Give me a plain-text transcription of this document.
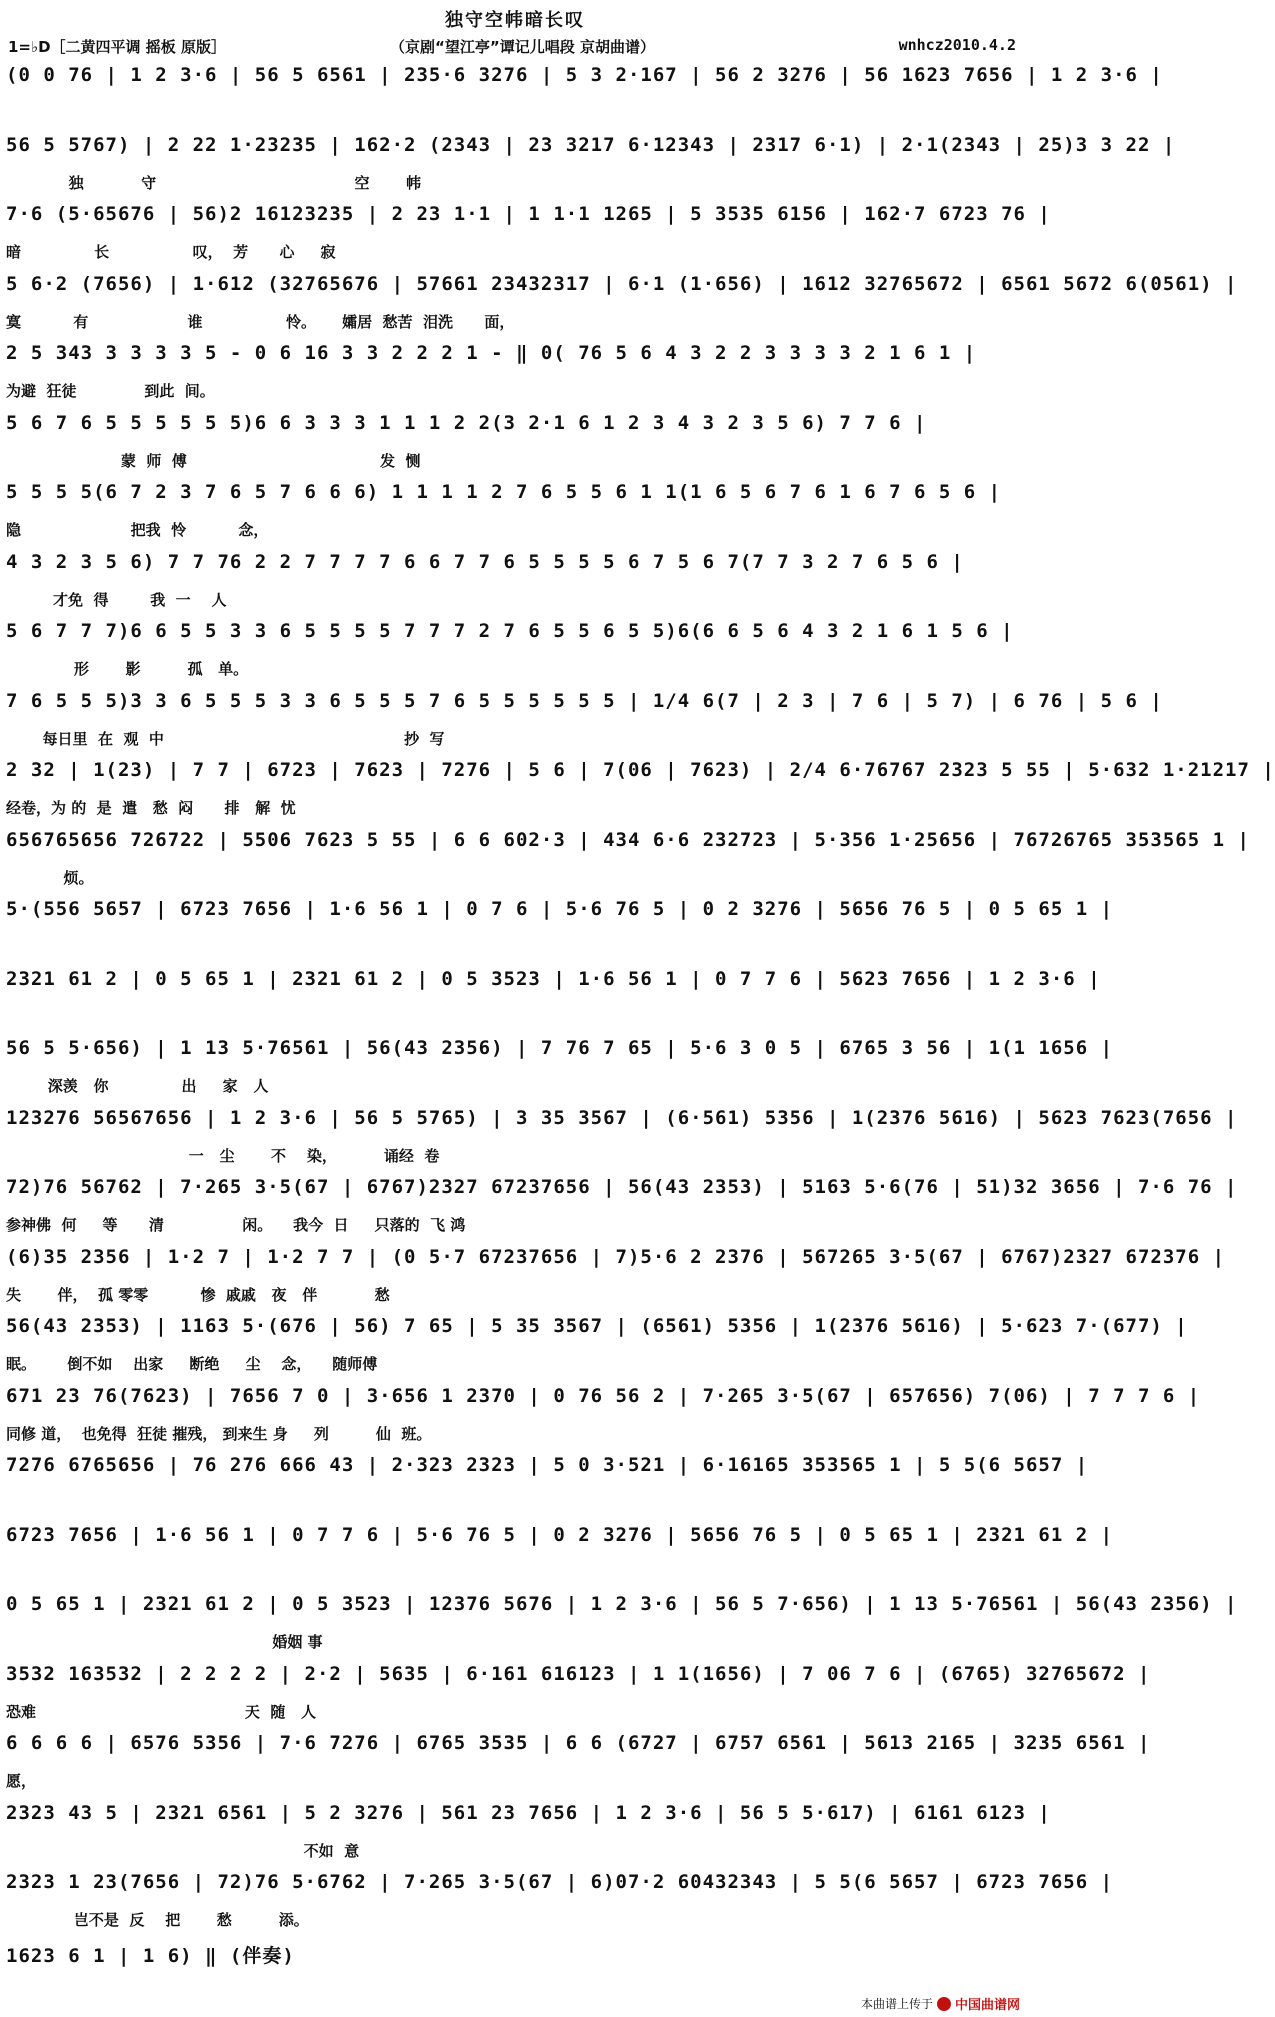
独守空帏暗长叹
1=♭D［二黄四平调 摇板 原版］	（京剧“望江亭”谭记儿唱段 京胡曲谱）	wnhcz2010.4.2
(0 0 76 | 1 2 3·6 | 56 5 6561 | 235·6 3276 | 5 3 2·167 | 56 2 3276 | 56 1623 7656 | 1 2 3·6 |
56 5 5767) | 2 22 1·23235 | 162·2 (2343 | 23 3217 6·12343 | 2317 6·1) | 2·1(2343 | 25)3 3 22 |
独           守                                      空       帏
7·6 (5·65676 | 56)2 16123235 | 2 23 1·1 | 1 1·1 1265 | 5 3535 6156 | 162·7 6723 76 |
暗              长                叹，  芳      心     寂
5 6·2 (7656) | 1·612 (32765676 | 57661 23432317 | 6·1 (1·656) | 1612 32765672 | 6561 5672 6(0561) |
寞          有                   谁                怜。     孀居  愁苦  泪洗      面，
2 5 343 3 3 3 3 5 - 0 6 16 3 3 2 2 2 1 - ‖ 0( 76 5 6 4 3 2 2 3 3 3 3 2 1 6 1 |
为避  狂徒             到此  间。
5 6 7 6 5 5 5 5 5 5)6 6 3 3 3 1 1 1 2 2(3 2·1 6 1 2 3 4 3 2 3 5 6) 7 7 6 |
蒙  师  傅                                     发  恻
5 5 5 5(6 7 2 3 7 6 5 7 6 6 6) 1 1 1 1 2 7 6 5 5 6 1 1(1 6 5 6 7 6 1 6 7 6 5 6 |
隐                     把我  怜          念，
4 3 2 3 5 6) 7 7 76 2 2 7 7 7 7 6 6 7 7 6 5 5 5 5 6 7 5 6 7(7 7 3 2 7 6 5 6 |
才免  得        我  一    人
5 6 7 7 7)6 6 5 5 3 3 6 5 5 5 5 7 7 7 2 7 6 5 5 6 5 5)6(6 6 5 6 4 3 2 1 6 1 5 6 |
形       影         孤   单。
7 6 5 5 5)3 3 6 5 5 5 3 3 6 5 5 5 7 6 5 5 5 5 5 5 | 1/4 6(7 | 2 3 | 7 6 | 5 7) | 6 76 | 5 6 |
每日里  在  观  中                                              抄  写
2 32 | 1(23) | 7 7 | 6723 | 7623 | 7276 | 5 6 | 7(06 | 7623) | 2/4 6·76767 2323 5 55 | 5·632 1·21217 |
经卷，为 的  是  遣   愁  闷      排   解  忧
656765656 726722 | 5506 7623 5 55 | 6 6 602·3 | 434 6·6 232723 | 5·356 1·25656 | 76726765 353565 1 |
烦。
5·(556 5657 | 6723 7656 | 1·6 56 1 | 0 7 6 | 5·6 76 5 | 0 2 3276 | 5656 76 5 | 0 5 65 1 |
2321 61 2 | 0 5 65 1 | 2321 61 2 | 0 5 3523 | 1·6 56 1 | 0 7 7 6 | 5623 7656 | 1 2 3·6 |
56 5 5·656) | 1 13 5·76561 | 56(43 2356) | 7 76 7 65 | 5·6 3 0 5 | 6765 3 56 | 1(1 1656 |
深羡   你              出     家   人
123276 56567656 | 1 2 3·6 | 56 5 5765) | 3 35 3567 | (6·561) 5356 | 1(2376 5616) | 5623 7623(7656 |
一   尘       不    染，         诵经  卷
72)76 56762 | 7·265 3·5(67 | 6767)2327 67237656 | 56(43 2353) | 5163 5·6(76 | 51)32 3656 | 7·6 76 |
参神佛  何     等      清               闲。    我今  日     只落的  飞 鸿
(6)35 2356 | 1·2 7 | 1·2 7 7 | (0 5·7 67237656 | 7)5·6 2 2376 | 567265 3·5(67 | 6767)2327 672376 |
失       伴，  孤 零零          惨  戚戚   夜   伴           愁
56(43 2353) | 1163 5·(676 | 56) 7 65 | 5 35 3567 | (6561) 5356 | 1(2376 5616) | 5·623 7·(677) |
眠。      倒不如    出家     断绝     尘    念，    随师傅
671 23 76(7623) | 7656 7 0 | 3·656 1 2370 | 0 76 56 2 | 7·265 3·5(67 | 657656) 7(06) | 7 7 7 6 |
同修 道，  也免得  狂徒 摧残， 到来生 身     列         仙  班。
7276 6765656 | 76 276 666 43 | 2·323 2323 | 5 0 3·521 | 6·16165 353565 1 | 5 5(6 5657 |
6723 7656 | 1·6 56 1 | 0 7 7 6 | 5·6 76 5 | 0 2 3276 | 5656 76 5 | 0 5 65 1 | 2321 61 2 |
0 5 65 1 | 2321 61 2 | 0 5 3523 | 12376 5676 | 1 2 3·6 | 56 5 7·656) | 1 13 5·76561 | 56(43 2356) |
婚姻 事
3532 163532 | 2 2 2 2 | 2·2 | 5635 | 6·161 616123 | 1 1(1656) | 7 06 7 6 | (6765) 32765672 |
恐难                                        天  随   人
6 6 6 6 | 6576 5356 | 7·6 7276 | 6765 3535 | 6 6 (6727 | 6757 6561 | 5613 2165 | 3235 6561 |
愿，
2323 43 5 | 2321 6561 | 5 2 3276 | 561 23 7656 | 1 2 3·6 | 56 5 5·617) | 6161 6123 |
不如  意
2323 1 23(7656 | 72)76 5·6762 | 7·265 3·5(67 | 6)07·2 60432343 | 5 5(6 5657 | 6723 7656 |
岂不是  反    把       愁         添。
1623 6 1 | 1 6) ‖ (伴奏)
本曲谱上传于 中国曲谱网
